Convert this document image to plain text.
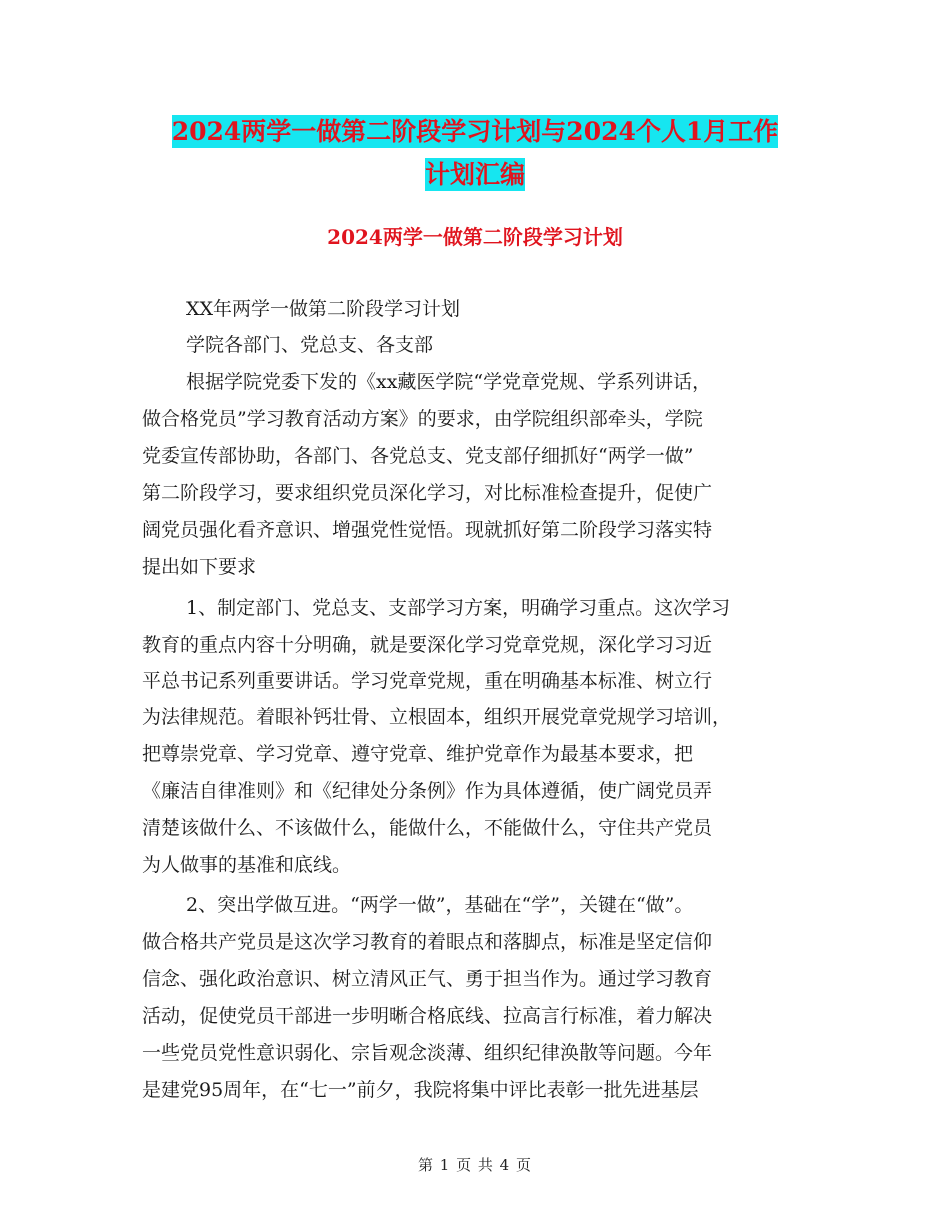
2024两学一做第二阶段学习计划与2024个人1月工作
计划汇编
2024两学一做第二阶段学习计划
XX年两学一做第二阶段学习计划
学院各部门、党总支、各支部
根据学院党委下发的《xx藏医学院“学党章党规、学系列讲话，
做合格党员”学习教育活动方案》的要求，由学院组织部牵头，学院
党委宣传部协助，各部门、各党总支、党支部仔细抓好“两学一做”
第二阶段学习，要求组织党员深化学习，对比标准检查提升，促使广
阔党员强化看齐意识、增强党性觉悟。现就抓好第二阶段学习落实特
提出如下要求
1、制定部门、党总支、支部学习方案，明确学习重点。这次学习
教育的重点内容十分明确，就是要深化学习党章党规，深化学习习近
平总书记系列重要讲话。学习党章党规，重在明确基本标准、树立行
为法律规范。着眼补钙壮骨、立根固本，组织开展党章党规学习培训，
把尊崇党章、学习党章、遵守党章、维护党章作为最基本要求，把
《廉洁自律准则》和《纪律处分条例》作为具体遵循，使广阔党员弄
清楚该做什么、不该做什么，能做什么，不能做什么，守住共产党员
为人做事的基准和底线。
2、突出学做互进。“两学一做”，基础在“学”，关键在“做”。
做合格共产党员是这次学习教育的着眼点和落脚点，标准是坚定信仰
信念、强化政治意识、树立清风正气、勇于担当作为。通过学习教育
活动，促使党员干部进一步明晰合格底线、拉高言行标准，着力解决
一些党员党性意识弱化、宗旨观念淡薄、组织纪律涣散等问题。今年
是建党95周年，在“七一”前夕，我院将集中评比表彰一批先进基层
第 1 页 共 4 页
